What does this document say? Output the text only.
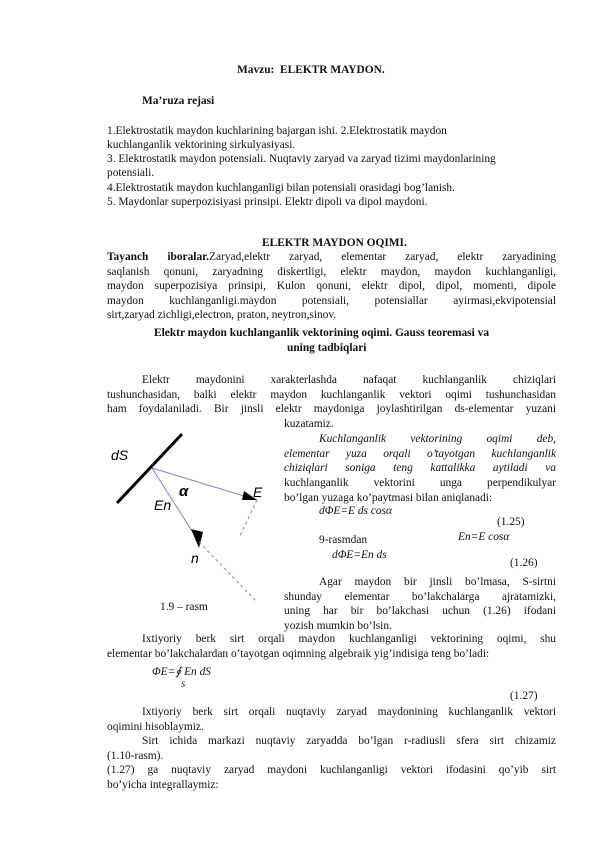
Mavzu: ELEKTR MAYDON.
Ma’ruza rejasi
1.Elektrostatik maydon kuchlarining bajargan ishi. 2.Elektrostatik maydon
kuchlanganlik vektorining sirkulyasiyasi.
3. Elektrostatik maydon potensiali. Nuqtaviy zaryad va zaryad tizimi maydonlarining
potensiali.
4.Elektrostatik maydon kuchlanganligi bilan potensiali orasidagi bog’lanish.
5. Maydonlar superpozisiyasi prinsipi. Elektr dipoli va dipol maydoni.
ELEKTR MAYDON OQIMI.
Tayanch iboralar.Zaryad,elektr zaryad, elementar zaryad, elektr zaryadining
saqlanish qonuni, zaryadning diskertligi, elektr maydon, maydon kuchlanganligi,
maydon superpozisiya prinsipi, Kulon qonuni, elektr dipol, dipol, momenti, dipole
maydon kuchlanganligi.maydon potensiali, potensiallar ayirmasi,ekvipotensial
sirt,zaryad zichligi,electron, praton, neytron,sinov.
Elektr maydon kuchlanganlik vektorining oqimi. Gauss teoremasi va
uning tadbiqlari
Elektr maydonini xarakterlashda nafaqat kuchlanganlik chiziqlari
tushunchasidan, balki elektr maydon kuchlanganlik vektori oqimi tushunchasidan
ham foydalaniladi. Bir jinsli elektr maydoniga joylashtirilgan ds-elementar yuzani
kuzatamiz.
dS
En
α	E
n
1.9 – rasm
Kuchlanganlik vektorining oqimi deb,
elementar yuza orqali o’tayotgan kuchlanganlik
chiziqlari soniga teng kattalikka aytiladi va
kuchlanganlik vektorini unga perpendikulyar
bo’lgan yuzaga ko’paytmasi bilan aniqlanadi:
dΦE=E ds cosα
(1.25)
En=E cosα
9-rasmdan
dΦE=En ds
(1.26)
Agar maydon bir jinsli bo’lmasa, S-sirtni
shunday elementar bo’lakchalarga ajratamizki,
uning har bir bo’lakchasi uchun (1.26) ifodani
yozish mumkin bo’lsin.
Ixtiyoriy berk sirt orqali maydon kuchlanganligi vektorining oqimi, shu
elementar bo’lakchalardan o’tayotgan oqimning algebraik yig’indisiga teng bo’ladi:
ΦE=∮ En dS
S
(1.27)
Ixtiyoriy berk sirt orqali nuqtaviy zaryad maydonining kuchlanganlik vektori
oqimini hisoblaymiz.
Sirt ichida markazi nuqtaviy zaryadda bo’lgan r-radiusli sfera sirt chizamiz
(1.10-rasm).
(1.27) ga nuqtaviy zaryad maydoni kuchlanganligi vektori ifodasini qo’yib sirt
bo’yicha integrallaymiz:
